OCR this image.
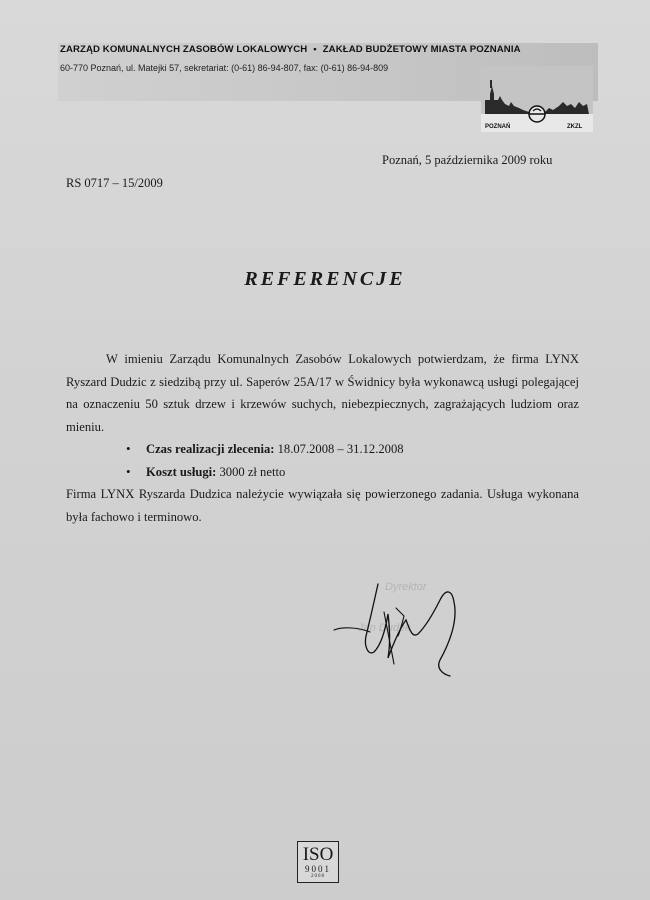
ZARZĄD KOMUNALNYCH ZASOBÓW LOKALOWYCH • ZAKŁAD BUDŻETOWY MIASTA POZNANIA
60-770 Poznań, ul. Matejki 57, sekretariat: (0-61) 86-94-807, fax: (0-61) 86-94-809
POZNAŃ	ZKZL
Poznań, 5 października 2009 roku
RS 0717 – 15/2009
REFERENCJE

W imieniu Zarządu Komunalnych Zasobów Lokalowych potwierdzam, że firma LYNX Ryszard Dudzic z siedzibą przy ul. Saperów 25A/17 w Świdnicy była wykonawcą usługi polegającej na oznaczeniu 50 sztuk drzew i krzewów suchych, niebezpiecznych, zagrażających ludziom oraz mieniu.

• Czas realizacji zlecenia: 18.07.2008 – 31.12.2008
• Koszt usługi: 3000 zł netto

Firma LYNX Ryszarda Dudzica należycie wywiązała się powierzonego zadania. Usługa wykonana była fachowo i terminowo.

Dyrektor
Jan Dudek
ISO
9001
2008
